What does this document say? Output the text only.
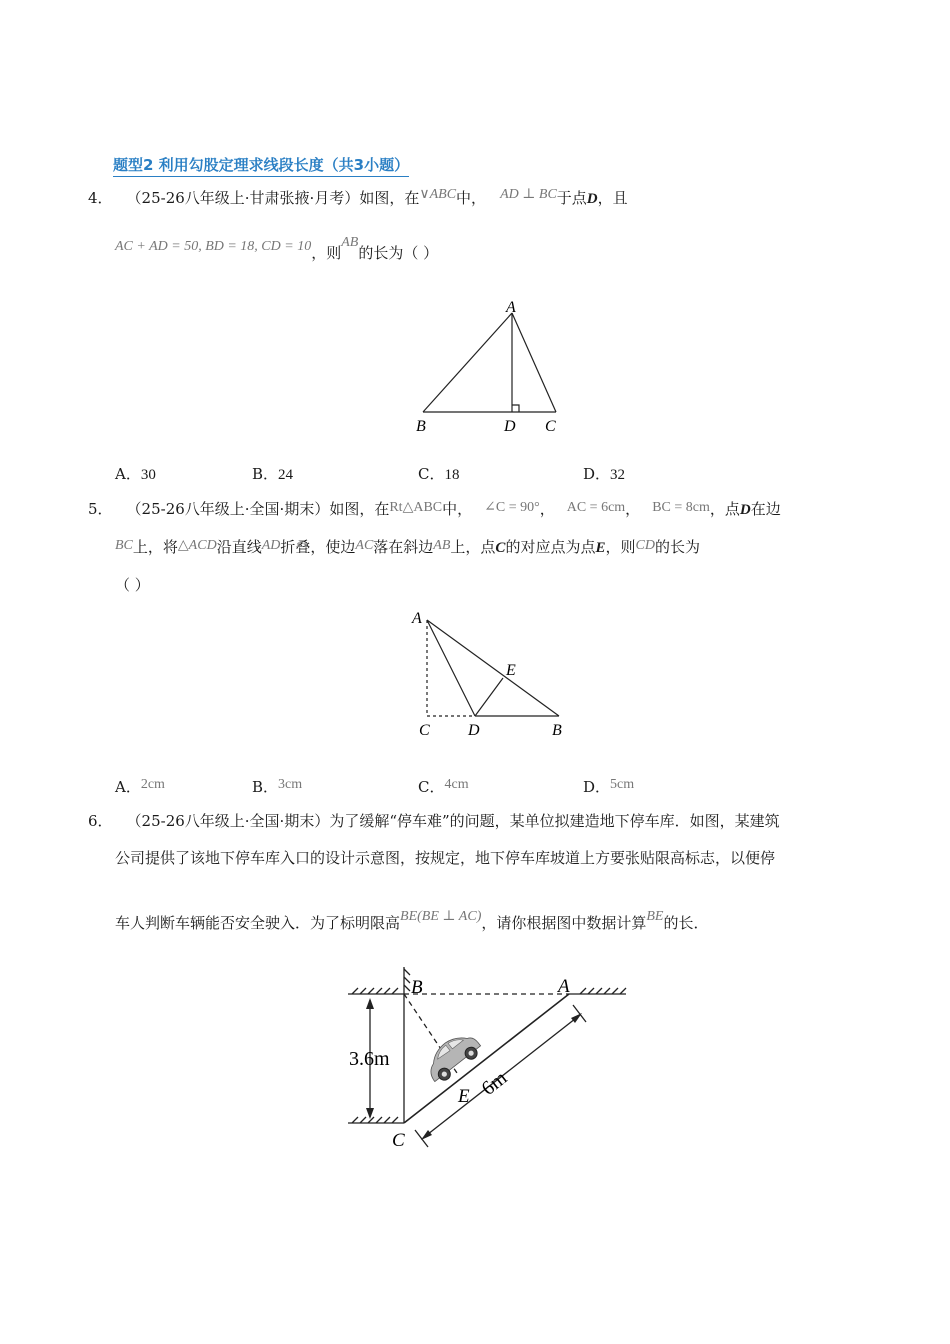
题型2 利用勾股定理求线段长度（共3小题）
4． （25-26八年级上·甘肃张掖·月考）如图，在∨ABC中， AD ⊥ BC于点D，且
AC + AD = 50, BD = 18, CD = 10，则AB的长为（ ）
A
B	D C
A．30	B．24	C．18	D．32
5． （25-26八年级上·全国·期末）如图，在Rt△ABC中， ∠C = 90°， AC = 6cm， BC = 8cm，点D在边
BC上，将△ACD沿直线AD折叠，使边AC落在斜边AB上，点C的对应点为点E，则CD的长为
（ ）
A
E
C D	B
A．2cm	B．3cm	C．4cm	D．5cm
6． （25-26八年级上·全国·期末）为了缓解“停车难”的问题，某单位拟建造地下停车库．如图，某建筑
公司提供了该地下停车库入口的设计示意图，按规定，地下停车库坡道上方要张贴限高标志，以便停
车人判断车辆能否安全驶入．为了标明限高BE(BE ⊥ AC)，请你根据图中数据计算BE的长．
B	A
C
E
3.6m
6m
